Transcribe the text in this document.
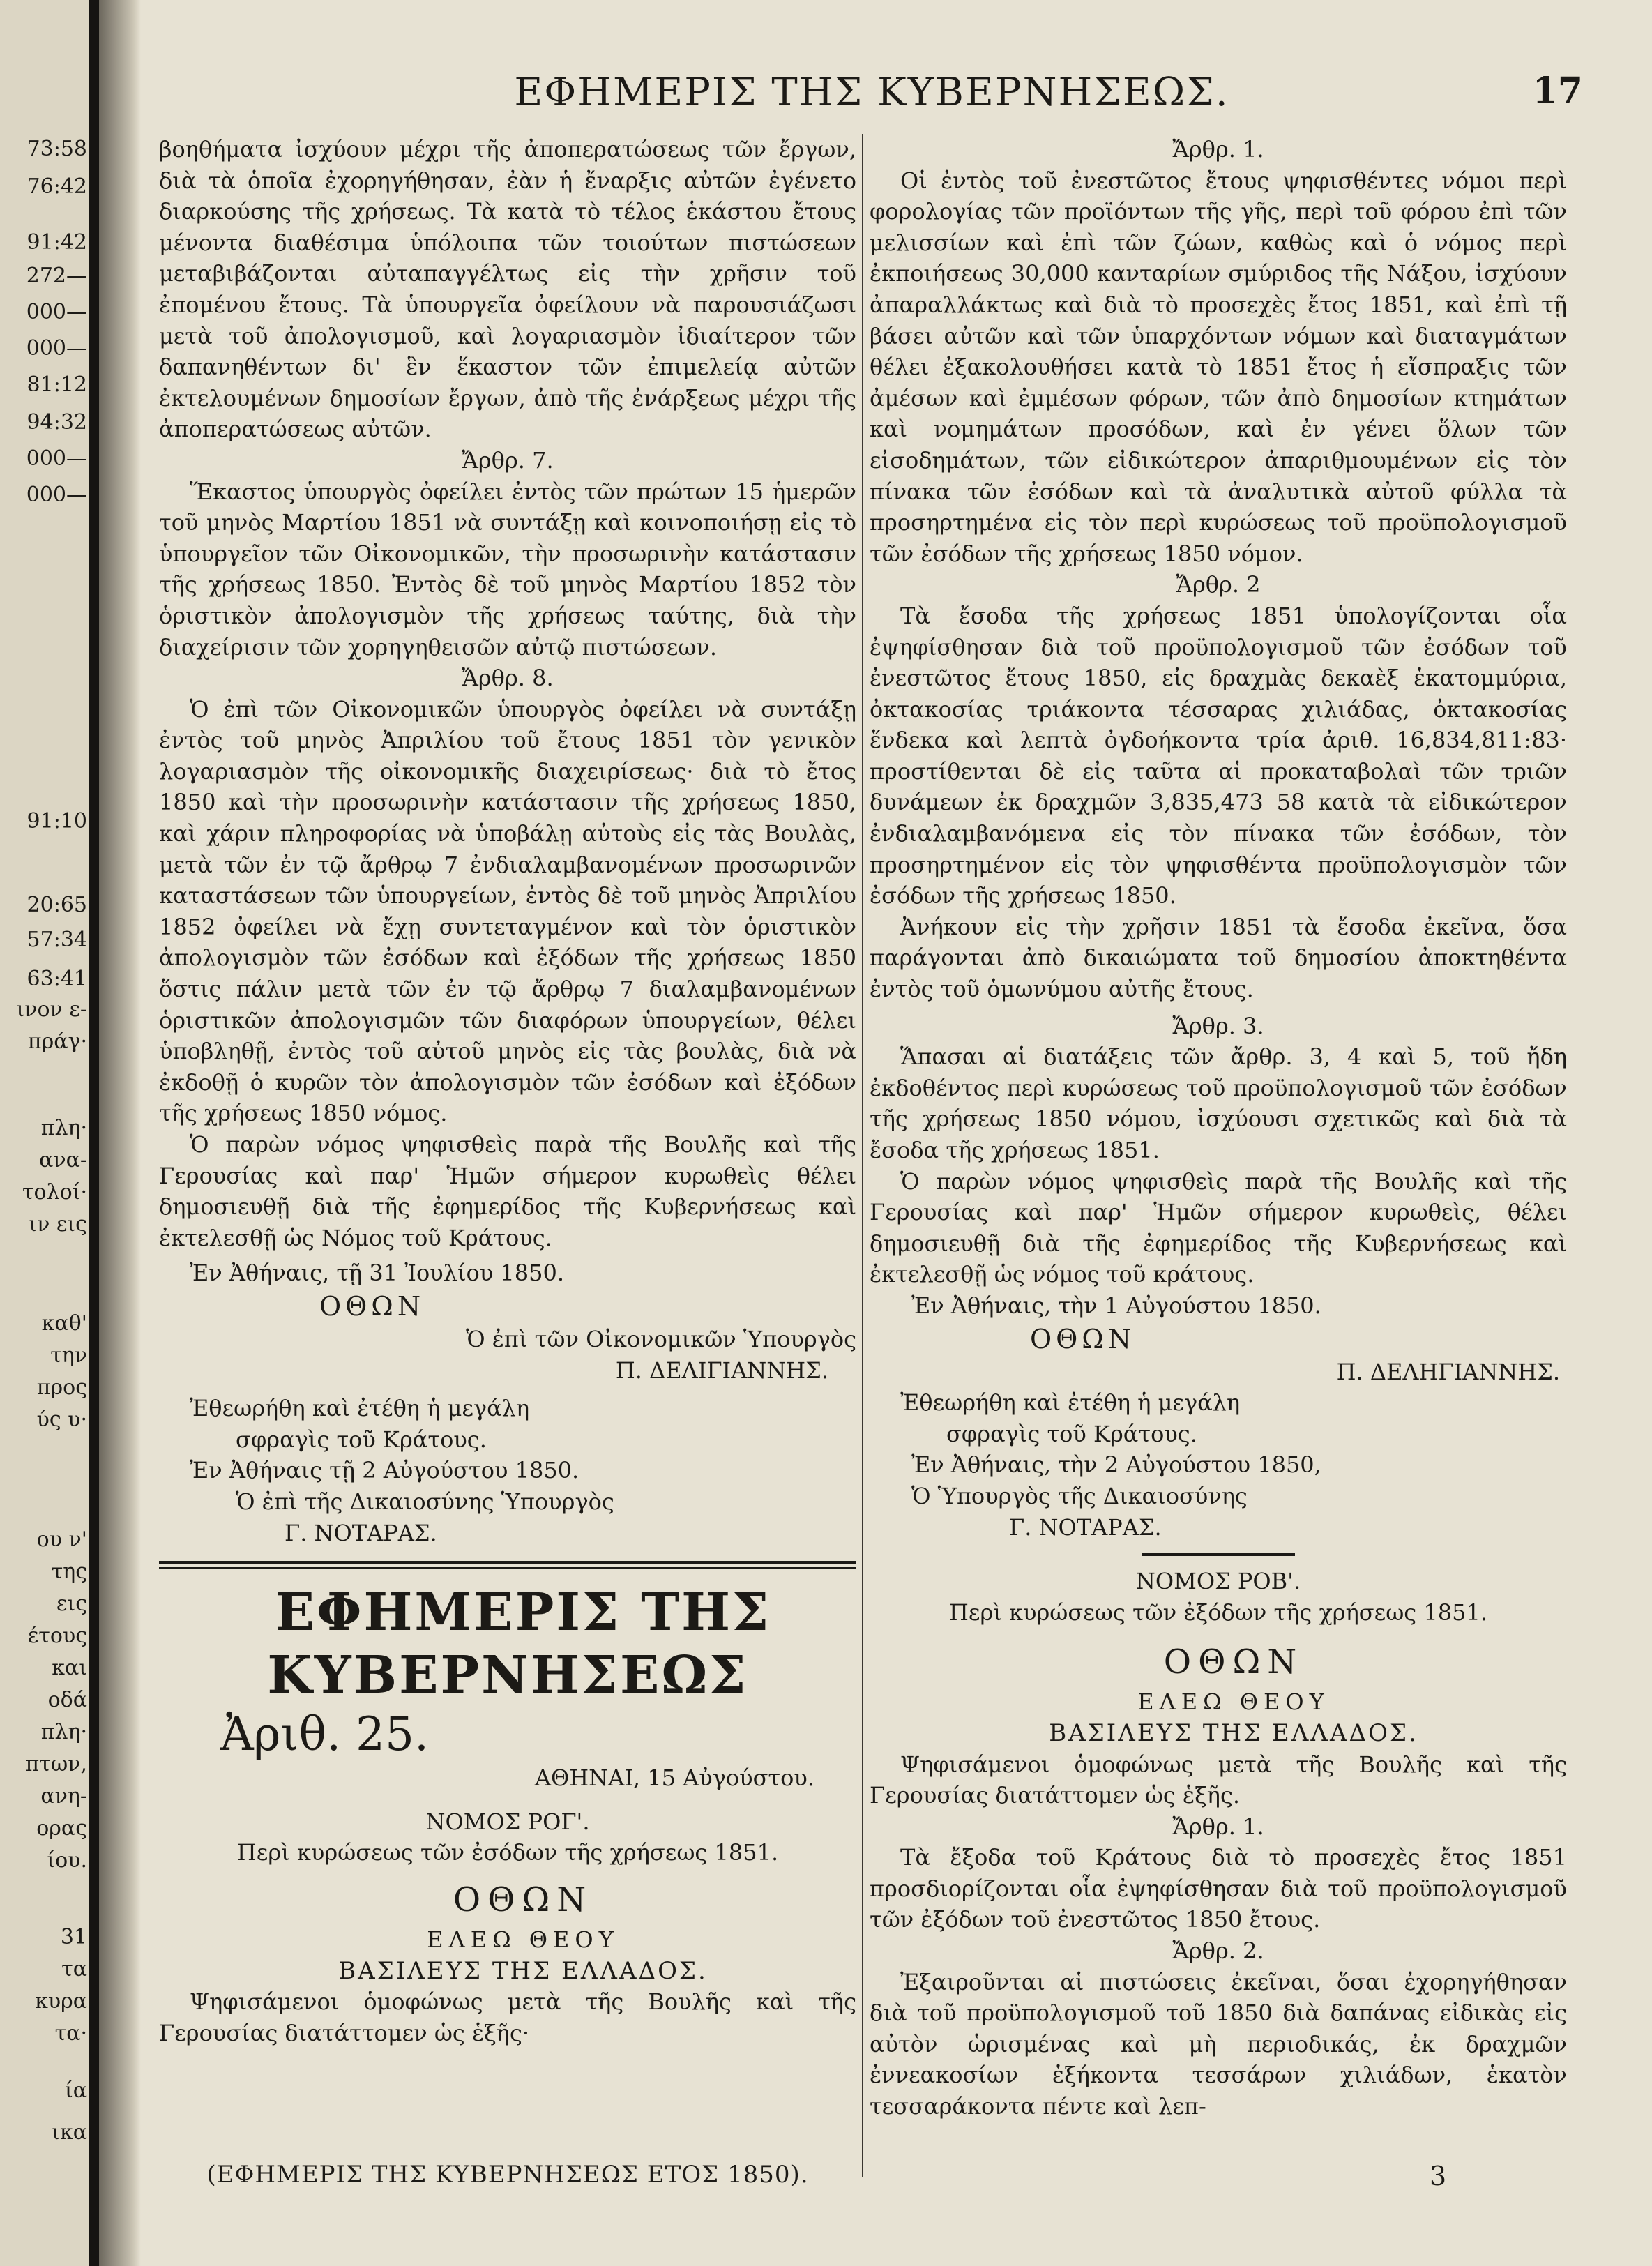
73:58
76:42
91:42
272—
000—
000—
81:12
94:32
000—
000—
91:10
20:65
57:34
63:41
ινον ε-
πράγ·
πλη·
ανα-
τολοί·
ιν εις
καθ'
την
προς
ύς υ·
ου ν'
της
εις
έτους
και
οδά
πλη·
πτων,
ανη-
ορας
ίου.
31
τα
κυρα
τα·
ία
ικα
ΕΦΗΜΕΡΙΣ ΤΗΣ ΚΥΒΕΡΝΗΣΕΩΣ.	17

βοηθήματα ἰσχύουν μέχρι τῆς ἀποπερατώσεως τῶν ἔργων, διὰ τὰ ὁποῖα ἐχορηγήθησαν, ἐὰν ἡ ἔναρξις αὐτῶν ἐγένετο διαρκούσης τῆς χρήσεως. Τὰ κατὰ τὸ τέλος ἑκάστου ἔτους μένοντα διαθέσιμα ὑπόλοιπα τῶν τοιούτων πιστώσεων μεταβιβάζονται αὐταπαγγέλτως εἰς τὴν χρῆσιν τοῦ ἐπομένου ἔτους. Τὰ ὑπουργεῖα ὀφείλουν νὰ παρουσιάζωσι μετὰ τοῦ ἀπολογισμοῦ, καὶ λογαριασμὸν ἰδιαίτερον τῶν δαπανηθέντων δι' ἓν ἕκαστον τῶν ἐπιμελείᾳ αὐτῶν ἐκτελουμένων δημοσίων ἔργων, ἀπὸ τῆς ἐνάρξεως μέχρι τῆς ἀποπερατώσεως αὐτῶν.

Ἄρθρ. 7.

Ἕκαστος ὑπουργὸς ὀφείλει ἐντὸς τῶν πρώτων 15 ἡμερῶν τοῦ μηνὸς Μαρτίου 1851 νὰ συντάξῃ καὶ κοινοποιήσῃ εἰς τὸ ὑπουργεῖον τῶν Οἰκονομικῶν, τὴν προσωρινὴν κατάστασιν τῆς χρήσεως 1850. Ἐντὸς δὲ τοῦ μηνὸς Μαρτίου 1852 τὸν ὁριστικὸν ἀπολογισμὸν τῆς χρήσεως ταύτης, διὰ τὴν διαχείρισιν τῶν χορηγηθεισῶν αὐτῷ πιστώσεων.

Ἄρθρ. 8.

Ὁ ἐπὶ τῶν Οἰκονομικῶν ὑπουργὸς ὀφείλει νὰ συντάξῃ ἐντὸς τοῦ μηνὸς Ἀπριλίου τοῦ ἔτους 1851 τὸν γενικὸν λογαριασμὸν τῆς οἰκονομικῆς διαχειρίσεως· διὰ τὸ ἔτος 1850 καὶ τὴν προσωρινὴν κατάστασιν τῆς χρήσεως 1850, καὶ χάριν πληροφορίας νὰ ὑποβάλῃ αὐτοὺς εἰς τὰς Βουλὰς, μετὰ τῶν ἐν τῷ ἄρθρῳ 7 ἐνδιαλαμβανομένων προσωρινῶν καταστάσεων τῶν ὑπουργείων, ἐντὸς δὲ τοῦ μηνὸς Ἀπριλίου 1852 ὀφείλει νὰ ἔχῃ συντεταγμένον καὶ τὸν ὁριστικὸν ἀπολογισμὸν τῶν ἐσόδων καὶ ἐξόδων τῆς χρήσεως 1850 ὅστις πάλιν μετὰ τῶν ἐν τῷ ἄρθρῳ 7 διαλαμβανομένων ὁριστικῶν ἀπολογισμῶν τῶν διαφόρων ὑπουργείων, θέλει ὑποβληθῇ, ἐντὸς τοῦ αὐτοῦ μηνὸς εἰς τὰς βουλὰς, διὰ νὰ ἐκδοθῇ ὁ κυρῶν τὸν ἀπολογισμὸν τῶν ἐσόδων καὶ ἐξόδων τῆς χρήσεως 1850 νόμος.

Ὁ παρὼν νόμος ψηφισθεὶς παρὰ τῆς Βουλῆς καὶ τῆς Γερουσίας καὶ παρ' Ἡμῶν σήμερον κυρωθεὶς θέλει δημοσιευθῇ διὰ τῆς ἐφημερίδος τῆς Κυβερνήσεως καὶ ἐκτελεσθῇ ὡς Νόμος τοῦ Κράτους.

Ἐν Ἀθήναις, τῇ 31 Ἰουλίου 1850.

ΟΘΩΝ

Ὁ ἐπὶ τῶν Οἰκονομικῶν Ὑπουργὸς

Π. ΔΕΛΙΓΙΑΝΝΗΣ.

Ἐθεωρήθη καὶ ἐτέθη ἡ μεγάλη

σφραγὶς τοῦ Κράτους.

Ἐν Ἀθήναις τῇ 2 Αὐγούστου 1850.

Ὁ ἐπὶ τῆς Δικαιοσύνης Ὑπουργὸς

Γ. ΝΟΤΑΡΑΣ.

ΕΦΗΜΕΡΙΣ ΤΗΣ ΚΥΒΕΡΝΗΣΕΩΣ

Ἀριθ. 25.

ΑΘΗΝΑΙ, 15 Αὐγούστου.

ΝΟΜΟΣ ΡΟΓ'.

Περὶ κυρώσεως τῶν ἐσόδων τῆς χρήσεως 1851.

ΟΘΩΝ

ΕΛΕΩ ΘΕΟΥ

ΒΑΣΙΛΕΥΣ ΤΗΣ ΕΛΛΑΔΟΣ.

Ψηφισάμενοι ὁμοφώνως μετὰ τῆς Βουλῆς καὶ τῆς Γερουσίας διατάττομεν ὡς ἑξῆς·

Ἄρθρ. 1.

Οἱ ἐντὸς τοῦ ἐνεστῶτος ἔτους ψηφισθέντες νόμοι περὶ φορολογίας τῶν προϊόντων τῆς γῆς, περὶ τοῦ φόρου ἐπὶ τῶν μελισσίων καὶ ἐπὶ τῶν ζώων, καθὼς καὶ ὁ νόμος περὶ ἐκποιήσεως 30,000 κανταρίων σμύριδος τῆς Νάξου, ἰσχύουν ἀπαραλλάκτως καὶ διὰ τὸ προσεχὲς ἔτος 1851, καὶ ἐπὶ τῇ βάσει αὐτῶν καὶ τῶν ὑπαρχόντων νόμων καὶ διαταγμάτων θέλει ἐξακολουθήσει κατὰ τὸ 1851 ἔτος ἡ εἴσπραξις τῶν ἀμέσων καὶ ἐμμέσων φόρων, τῶν ἀπὸ δημοσίων κτημάτων καὶ νομημάτων προσόδων, καὶ ἐν γένει ὅλων τῶν εἰσοδημάτων, τῶν εἰδικώτερον ἀπαριθμουμένων εἰς τὸν πίνακα τῶν ἐσόδων καὶ τὰ ἀναλυτικὰ αὐτοῦ φύλλα τὰ προσηρτημένα εἰς τὸν περὶ κυρώσεως τοῦ προϋπολογισμοῦ τῶν ἐσόδων τῆς χρήσεως 1850 νόμον.

Ἄρθρ. 2

Τὰ ἔσοδα τῆς χρήσεως 1851 ὑπολογίζονται οἷα ἐψηφίσθησαν διὰ τοῦ προϋπολογισμοῦ τῶν ἐσόδων τοῦ ἐνεστῶτος ἔτους 1850, εἰς δραχμὰς δεκαὲξ ἑκατομμύρια, ὀκτακοσίας τριάκοντα τέσσαρας χιλιάδας, ὀκτακοσίας ἕνδεκα καὶ λεπτὰ ὀγδοήκοντα τρία ἀριθ. 16,834,811:83· προστίθενται δὲ εἰς ταῦτα αἱ προκαταβολαὶ τῶν τριῶν δυνάμεων ἐκ δραχμῶν 3,835,473 58 κατὰ τὰ εἰδικώτερον ἐνδιαλαμβανόμενα εἰς τὸν πίνακα τῶν ἐσόδων, τὸν προσηρτημένον εἰς τὸν ψηφισθέντα προϋπολογισμὸν τῶν ἐσόδων τῆς χρήσεως 1850.

Ἀνήκουν εἰς τὴν χρῆσιν 1851 τὰ ἔσοδα ἐκεῖνα, ὅσα παράγονται ἀπὸ δικαιώματα τοῦ δημοσίου ἀποκτηθέντα ἐντὸς τοῦ ὁμωνύμου αὐτῆς ἔτους.

Ἄρθρ. 3.

Ἅπασαι αἱ διατάξεις τῶν ἄρθρ. 3, 4 καὶ 5, τοῦ ἤδη ἐκδοθέντος περὶ κυρώσεως τοῦ προϋπολογισμοῦ τῶν ἐσόδων τῆς χρήσεως 1850 νόμου, ἰσχύουσι σχετικῶς καὶ διὰ τὰ ἔσοδα τῆς χρήσεως 1851.

Ὁ παρὼν νόμος ψηφισθεὶς παρὰ τῆς Βουλῆς καὶ τῆς Γερουσίας καὶ παρ' Ἡμῶν σήμερον κυρωθεὶς, θέλει δημοσιευθῇ διὰ τῆς ἐφημερίδος τῆς Κυβερνήσεως καὶ ἐκτελεσθῇ ὡς νόμος τοῦ κράτους.

Ἐν Ἀθήναις, τὴν 1 Αὐγούστου 1850.

ΟΘΩΝ

Π. ΔΕΛΗΓΙΑΝΝΗΣ.

Ἐθεωρήθη καὶ ἐτέθη ἡ μεγάλη

σφραγὶς τοῦ Κράτους.

Ἐν Ἀθήναις, τὴν 2 Αὐγούστου 1850,

Ὁ Ὑπουργὸς τῆς Δικαιοσύνης

Γ. ΝΟΤΑΡΑΣ.

ΝΟΜΟΣ ΡΟΒ'.

Περὶ κυρώσεως τῶν ἐξόδων τῆς χρήσεως 1851.

ΟΘΩΝ

ΕΛΕΩ ΘΕΟΥ

ΒΑΣΙΛΕΥΣ ΤΗΣ ΕΛΛΑΔΟΣ.

Ψηφισάμενοι ὁμοφώνως μετὰ τῆς Βουλῆς καὶ τῆς Γερουσίας διατάττομεν ὡς ἑξῆς.

Ἄρθρ. 1.

Τὰ ἔξοδα τοῦ Κράτους διὰ τὸ προσεχὲς ἔτος 1851 προσδιορίζονται οἷα ἐψηφίσθησαν διὰ τοῦ προϋπολογισμοῦ τῶν ἐξόδων τοῦ ἐνεστῶτος 1850 ἔτους.

Ἄρθρ. 2.

Ἐξαιροῦνται αἱ πιστώσεις ἐκεῖναι, ὅσαι ἐχορηγήθησαν διὰ τοῦ προϋπολογισμοῦ τοῦ 1850 διὰ δαπάνας εἰδικὰς εἰς αὐτὸν ὡρισμένας καὶ μὴ περιοδικάς, ἐκ δραχμῶν ἐννεακοσίων ἑξήκοντα τεσσάρων χιλιάδων, ἑκατὸν τεσσαράκοντα πέντε καὶ λεπ-

(ΕΦΗΜΕΡΙΣ ΤΗΣ ΚΥΒΕΡΝΗΣΕΩΣ ΕΤΟΣ 1850).	3
